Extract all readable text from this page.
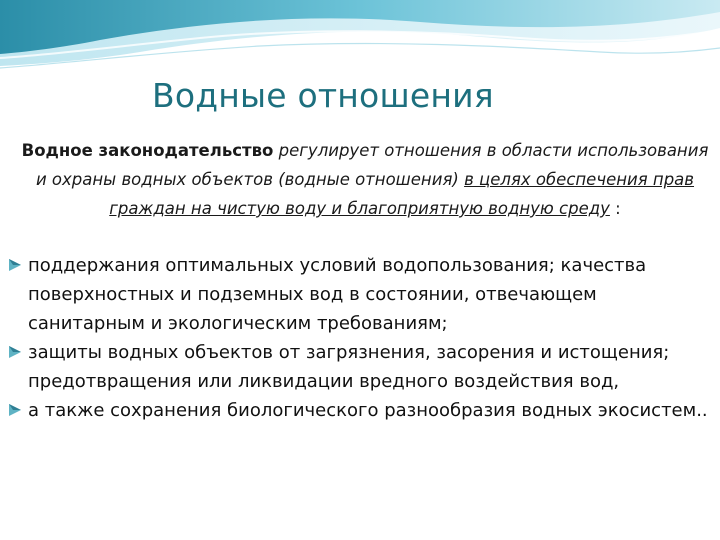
Водные отношения
Водное законодательство регулирует отношения в области использования и охраны водных объектов (водные отношения) в целях обеспечения прав граждан на чистую воду и благоприятную водную среду :
поддержания оптимальных условий водопользования; качества поверхностных и подземных вод в состоянии, отвечающем санитарным и экологическим требованиям;
защиты водных объектов от загрязнения, засорения и истощения; предотвращения или ликвидации вредного воздействия вод,
а также сохранения биологического разнообразия водных экосистем..
